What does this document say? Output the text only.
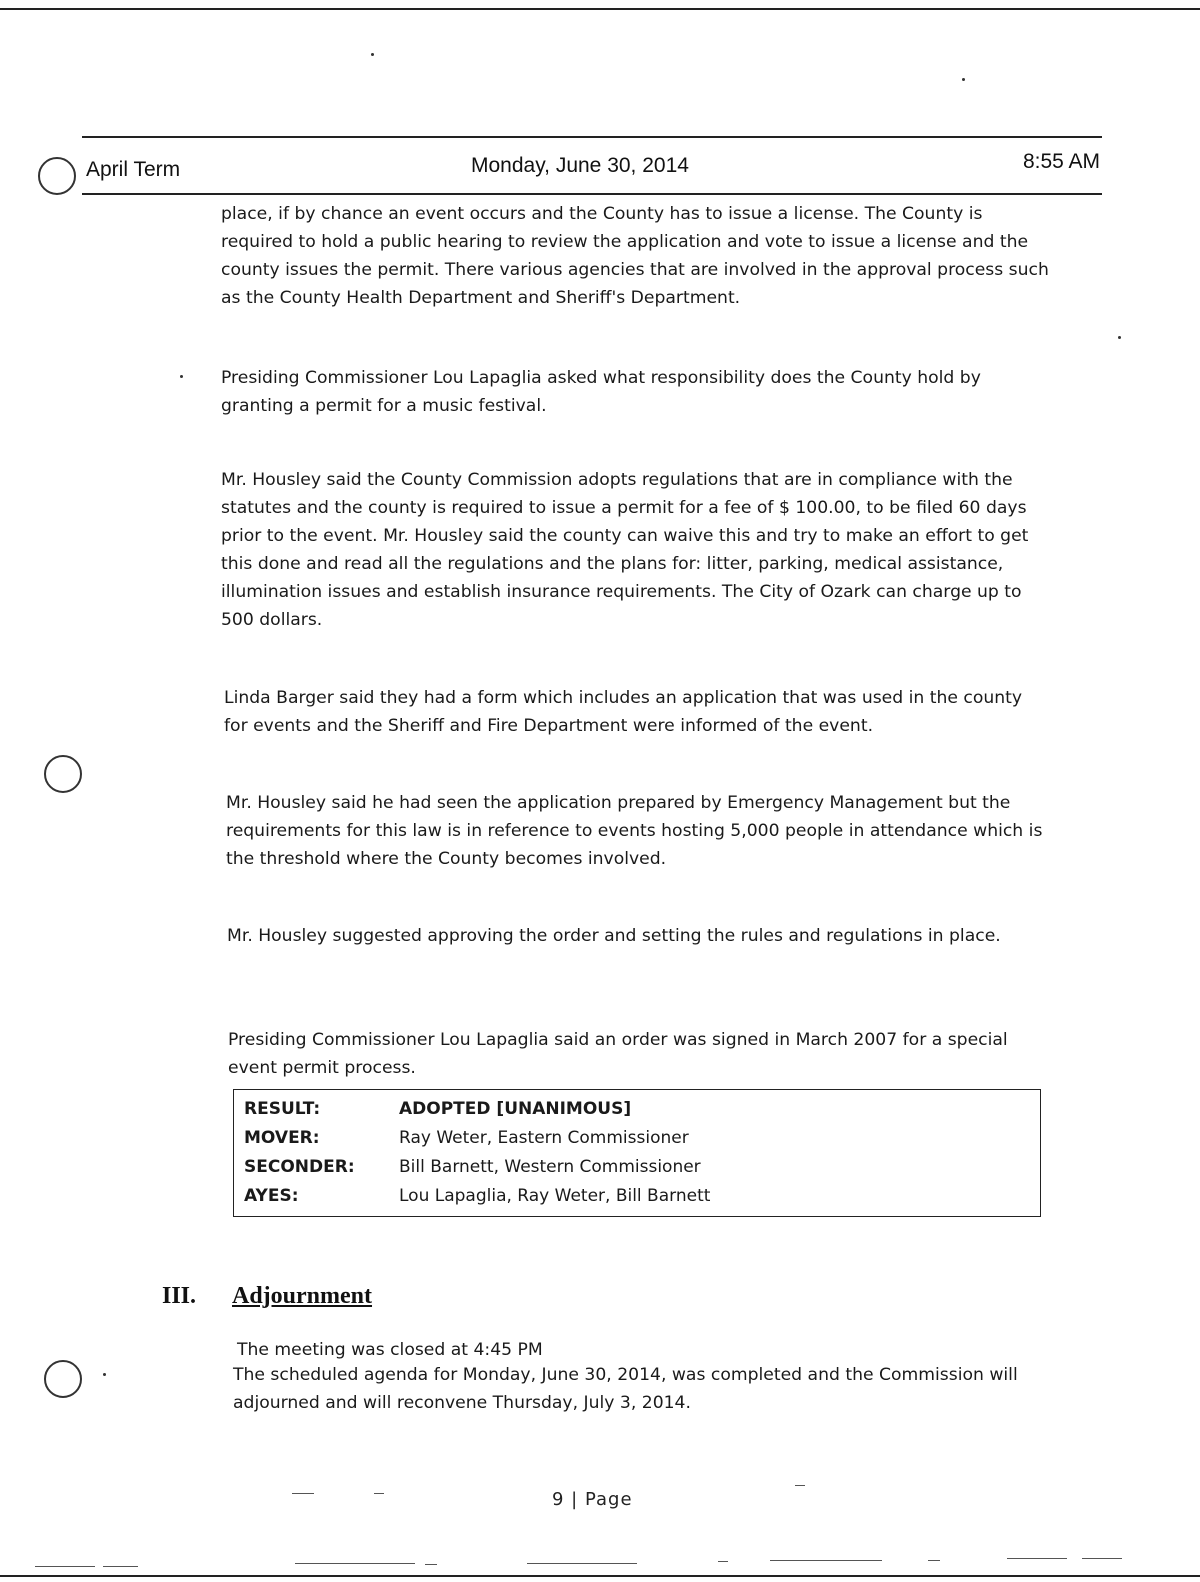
April Term	Monday, June 30, 2014	8:55 AM

place, if by chance an event occurs and the County has to issue a license. The County is required to hold a public hearing to review the application and vote to issue a license and the county issues the permit. There various agencies that are involved in the approval process such as the County Health Department and Sheriff's Department.

Presiding Commissioner Lou Lapaglia asked what responsibility does the County hold by granting a permit for a music festival.

Mr. Housley said the County Commission adopts regulations that are in compliance with the statutes and the county is required to issue a permit for a fee of $ 100.00, to be filed 60 days prior to the event. Mr. Housley said the county can waive this and try to make an effort to get this done and read all the regulations and the plans for: litter, parking, medical assistance, illumination issues and establish insurance requirements. The City of Ozark can charge up to 500 dollars.

Linda Barger said they had a form which includes an application that was used in the county for events and the Sheriff and Fire Department were informed of the event.

Mr. Housley said he had seen the application prepared by Emergency Management but the requirements for this law is in reference to events hosting 5,000 people in attendance which is the threshold where the County becomes involved.

Mr. Housley suggested approving the order and setting the rules and regulations in place.

Presiding Commissioner Lou Lapaglia said an order was signed in March 2007 for a special event permit process.

RESULT:	ADOPTED [UNANIMOUS]
MOVER:	Ray Weter, Eastern Commissioner
SECONDER:	Bill Barnett, Western Commissioner
AYES:	Lou Lapaglia, Ray Weter, Bill Barnett
III. Adjournment

The meeting was closed at 4:45 PM

The scheduled agenda for Monday, June 30, 2014, was completed and the Commission will adjourned and will reconvene Thursday, July 3, 2014.

9 | Page
